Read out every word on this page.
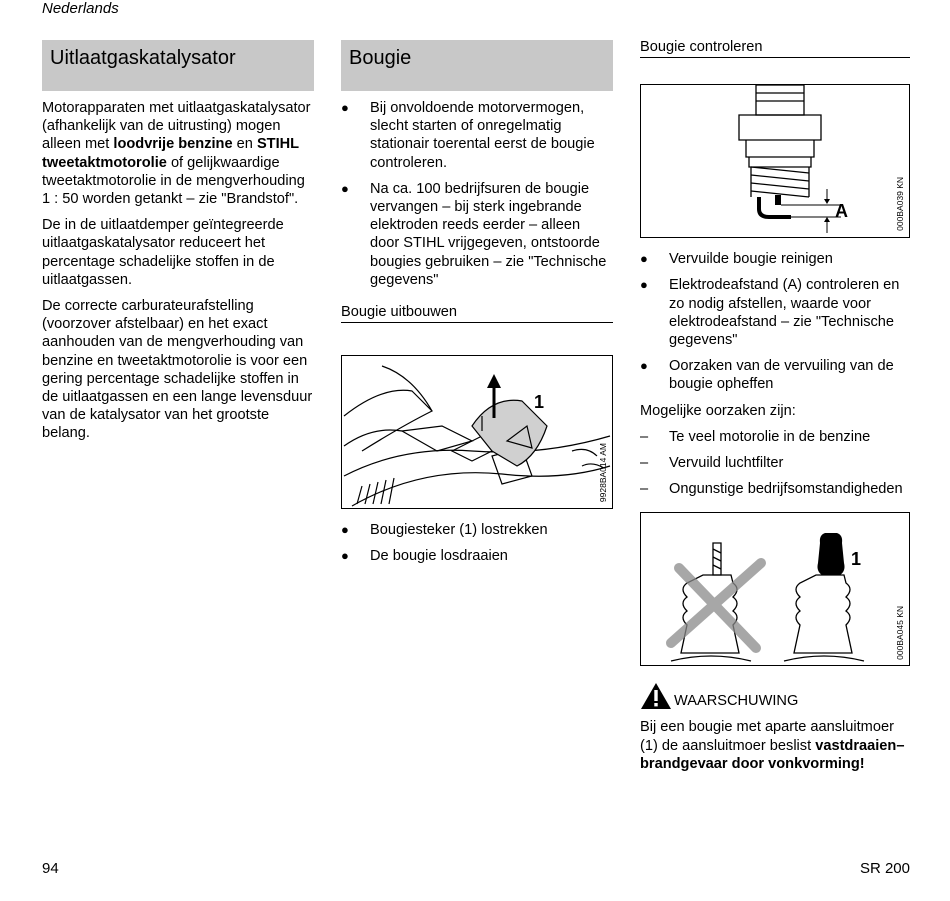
Nederlands
Uitlaatgaskatalysator

Motorapparaten met uitlaatgaskatalysator (afhankelijk van de uitrusting) mogen alleen met loodvrije benzine en STIHL tweetaktmotorolie of gelijkwaardige tweetaktmotorolie in de mengverhouding 1 : 50 worden getankt – zie "Brandstof".

De in de uitlaatdemper geïntegreerde uitlaatgaskatalysator reduceert het percentage schadelijke stoffen in de uitlaatgassen.

De correcte carburateurafstelling (voorzover afstelbaar) en het exact aanhouden van de mengverhouding van benzine en tweetaktmotorolie is voor een gering percentage schadelijke stoffen in de uitlaatgassen en een lange levensduur van de katalysator van het grootste belang.

Bougie
● Bij onvoldoende motorvermogen, slecht starten of onregelmatig stationair toerental eerst de bougie controleren.
● Na ca. 100 bedrijfsuren de bougie vervangen – bij sterk ingebrande elektroden reeds eerder – alleen door STIHL vrijgegeven, ontstoorde bougies gebruiken – zie "Technische gegevens"
Bougie uitbouwen
1
9928BA014 AM
● Bougiesteker (1) lostrekken
● De bougie losdraaien
Bougie controleren
A	000BA039 KN
● Vervuilde bougie reinigen
● Elektrodeafstand (A) controleren en zo nodig afstellen, waarde voor elektrodeafstand – zie "Technische gegevens"
● Oorzaken van de vervuiling van de bougie opheffen

Mogelijke oorzaken zijn:

– Te veel motorolie in de benzine
– Vervuild luchtfilter
– Ongunstige bedrijfsomstandigheden
1
000BA045 KN
WAARSCHUWING

Bij een bougie met aparte aansluitmoer (1) de aansluitmoer beslist vastdraaien– brandgevaar door vonkvorming!

94	SR 200
